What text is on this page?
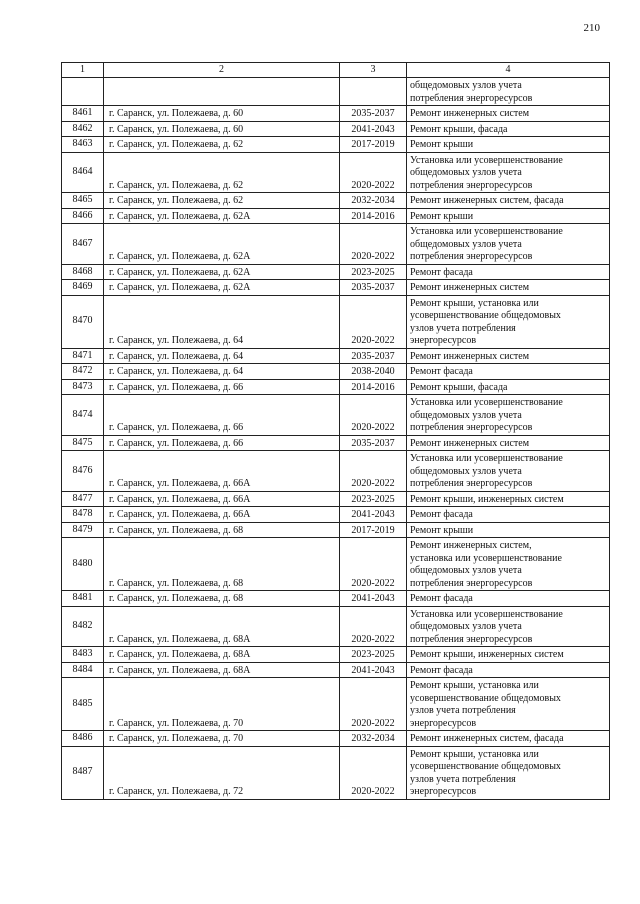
210
1	2	3	4
			общедомовых узлов учета
потребления энергоресурсов
8461	г. Саранск, ул. Полежаева, д. 60	2035-2037	Ремонт инженерных систем
8462	г. Саранск, ул. Полежаева, д. 60	2041-2043	Ремонт крыши, фасада
8463	г. Саранск, ул. Полежаева, д. 62	2017-2019	Ремонт крыши
8464	г. Саранск, ул. Полежаева, д. 62	2020-2022	Установка или усовершенствование
общедомовых узлов учета
потребления энергоресурсов
8465	г. Саранск, ул. Полежаева, д. 62	2032-2034	Ремонт инженерных систем, фасада
8466	г. Саранск, ул. Полежаева, д. 62А	2014-2016	Ремонт крыши
8467	г. Саранск, ул. Полежаева, д. 62А	2020-2022	Установка или усовершенствование
общедомовых узлов учета
потребления энергоресурсов
8468	г. Саранск, ул. Полежаева, д. 62А	2023-2025	Ремонт фасада
8469	г. Саранск, ул. Полежаева, д. 62А	2035-2037	Ремонт инженерных систем
8470	г. Саранск, ул. Полежаева, д. 64	2020-2022	Ремонт крыши, установка или
усовершенствование общедомовых
узлов учета потребления
энергоресурсов
8471	г. Саранск, ул. Полежаева, д. 64	2035-2037	Ремонт инженерных систем
8472	г. Саранск, ул. Полежаева, д. 64	2038-2040	Ремонт фасада
8473	г. Саранск, ул. Полежаева, д. 66	2014-2016	Ремонт крыши, фасада
8474	г. Саранск, ул. Полежаева, д. 66	2020-2022	Установка или усовершенствование
общедомовых узлов учета
потребления энергоресурсов
8475	г. Саранск, ул. Полежаева, д. 66	2035-2037	Ремонт инженерных систем
8476	г. Саранск, ул. Полежаева, д. 66А	2020-2022	Установка или усовершенствование
общедомовых узлов учета
потребления энергоресурсов
8477	г. Саранск, ул. Полежаева, д. 66А	2023-2025	Ремонт крыши, инженерных систем
8478	г. Саранск, ул. Полежаева, д. 66А	2041-2043	Ремонт фасада
8479	г. Саранск, ул. Полежаева, д. 68	2017-2019	Ремонт крыши
8480	г. Саранск, ул. Полежаева, д. 68	2020-2022	Ремонт инженерных систем,
установка или усовершенствование
общедомовых узлов учета
потребления энергоресурсов
8481	г. Саранск, ул. Полежаева, д. 68	2041-2043	Ремонт фасада
8482	г. Саранск, ул. Полежаева, д. 68А	2020-2022	Установка или усовершенствование
общедомовых узлов учета
потребления энергоресурсов
8483	г. Саранск, ул. Полежаева, д. 68А	2023-2025	Ремонт крыши, инженерных систем
8484	г. Саранск, ул. Полежаева, д. 68А	2041-2043	Ремонт фасада
8485	г. Саранск, ул. Полежаева, д. 70	2020-2022	Ремонт крыши, установка или
усовершенствование общедомовых
узлов учета потребления
энергоресурсов
8486	г. Саранск, ул. Полежаева, д. 70	2032-2034	Ремонт инженерных систем, фасада
8487	г. Саранск, ул. Полежаева, д. 72	2020-2022	Ремонт крыши, установка или
усовершенствование общедомовых
узлов учета потребления
энергоресурсов
